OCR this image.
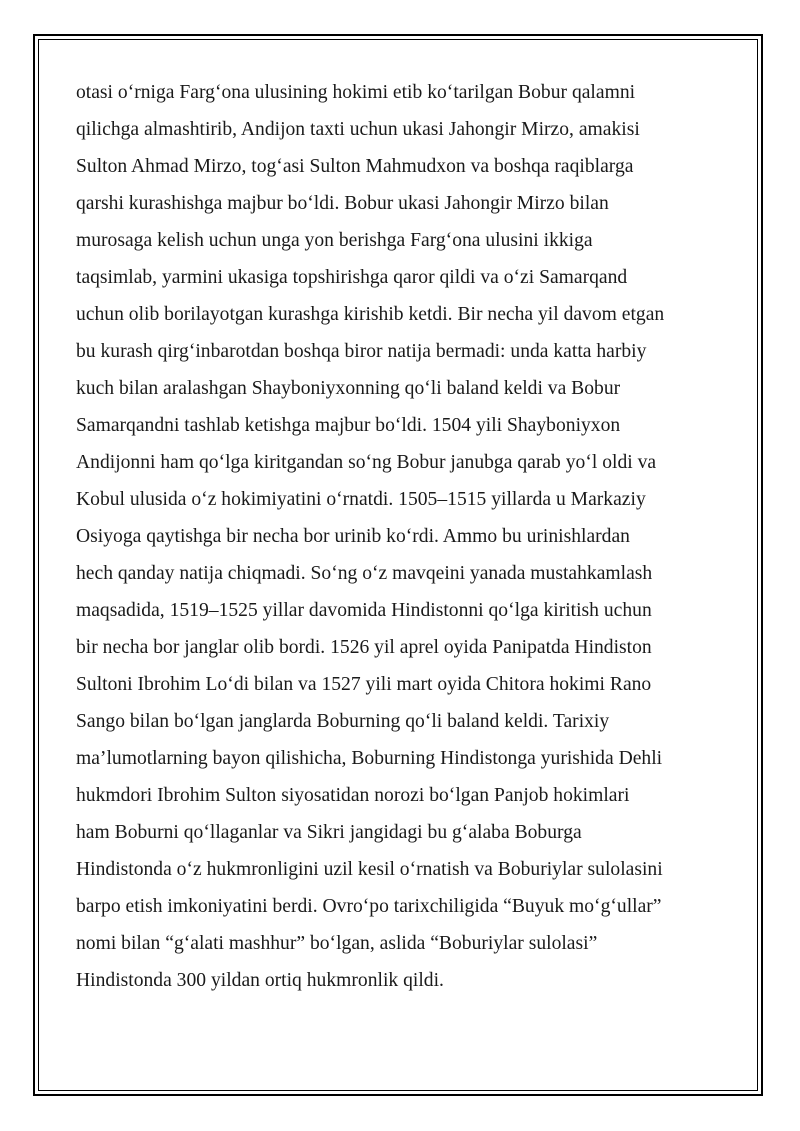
otasi o‘rniga Farg‘ona ulusining hokimi etib ko‘tarilgan Bobur qalamni
qilichga almashtirib, Andijon taxti uchun ukasi Jahongir Mirzo, amakisi
Sulton Ahmad Mirzo, tog‘asi Sulton Mahmudxon va boshqa raqiblarga
qarshi kurashishga majbur bo‘ldi. Bobur ukasi Jahongir Mirzo bilan
murosaga kelish uchun unga yon berishga Farg‘ona ulusini ikkiga
taqsimlab, yarmini ukasiga topshirishga qaror qildi va o‘zi Samarqand
uchun olib borilayotgan kurashga kirishib ketdi. Bir necha yil davom etgan
bu kurash qirg‘inbarotdan boshqa biror natija bermadi: unda katta harbiy
kuch bilan aralashgan Shayboniyxonning qo‘li baland keldi va Bobur
Samarqandni tashlab ketishga majbur bo‘ldi. 1504 yili Shayboniyxon
Andijonni ham qo‘lga kiritgandan so‘ng Bobur janubga qarab yo‘l oldi va
Kobul ulusida o‘z hokimiyatini o‘rnatdi. 1505–1515 yillarda u Markaziy
Osiyoga qaytishga bir necha bor urinib ko‘rdi. Ammo bu urinishlardan
hech qanday natija chiqmadi. So‘ng o‘z mavqeini yanada mustahkamlash
maqsadida, 1519–1525 yillar davomida Hindistonni qo‘lga kiritish uchun
bir necha bor janglar olib bordi. 1526 yil aprel oyida Panipatda Hindiston
Sultoni Ibrohim Lo‘di bilan va 1527 yili mart oyida Chitora hokimi Rano
Sango bilan bo‘lgan janglarda Boburning qo‘li baland keldi. Tarixiy
ma’lumotlarning bayon qilishicha, Boburning Hindistonga yurishida Dehli
hukmdori Ibrohim Sulton siyosatidan norozi bo‘lgan Panjob hokimlari
ham Boburni qo‘llaganlar va Sikri jangidagi bu g‘alaba Boburga
Hindistonda o‘z hukmronligini uzil kesil o‘rnatish va Boburiylar sulolasini
barpo etish imkoniyatini berdi. Ovro‘po tarixchiligida “Buyuk mo‘g‘ullar”
nomi bilan “g‘alati mashhur” bo‘lgan, aslida “Boburiylar sulolasi”
Hindistonda 300 yildan ortiq hukmronlik qildi.
